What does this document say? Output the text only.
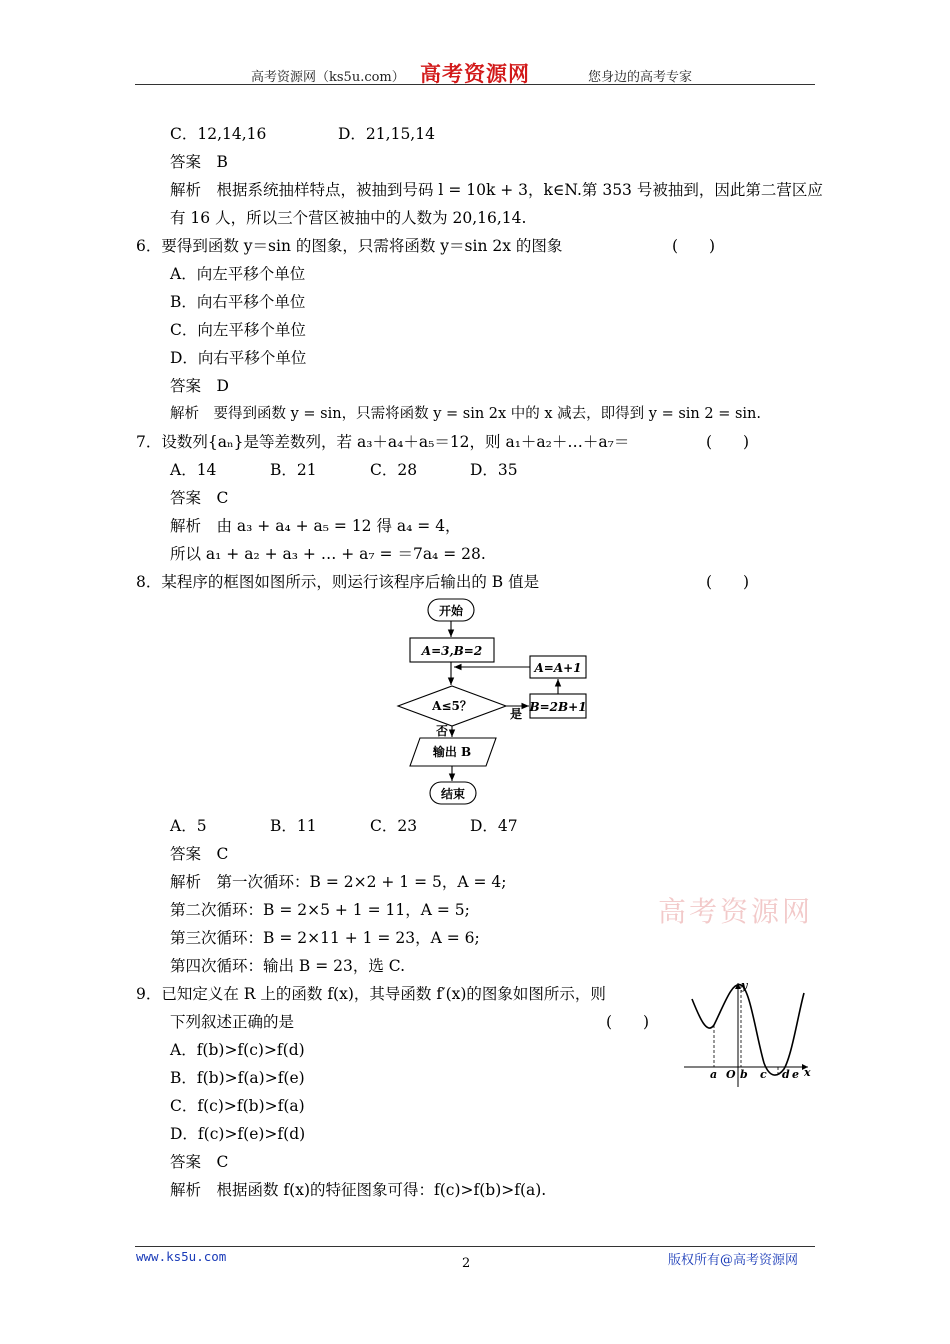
高考资源网（ks5u.com） 高考资源网	您身边的高考专家
C．12,14,16	D．21,15,14
答案　B
解析　根据系统抽样特点，被抽到号码 l = 10k + 3，k∈N.第 353 号被抽到，因此第二营区应
有 16 人，所以三个营区被抽中的人数为 20,16,14.
6．要得到函数 y＝sin 的图象，只需将函数 y＝sin 2x 的图象	(　　)
A．向左平移个单位
B．向右平移个单位
C．向左平移个单位
D．向右平移个单位
答案　D
解析　要得到函数 y = sin，只需将函数 y = sin 2x 中的 x 减去，即得到 y = sin 2 = sin.
7．设数列{aₙ}是等差数列，若 a₃＋a₄＋a₅＝12，则 a₁＋a₂＋…＋a₇＝	(　　)
A．14	B．21	C．28	D．35
答案　C
解析　由 a₃ + a₄ + a₅ = 12 得 a₄ = 4，
所以 a₁ + a₂ + a₃ + … + a₇ = ＝7a₄ = 28.
8．某程序的框图如图所示，则运行该程序后输出的 B 值是	(　　)
开始
A=3,B=2
A≤5？
A=A+1
B=2B+1
是
否
输出 B
结束
A．5	B．11	C．23	D．47
答案　C
解析　第一次循环：B = 2×2 + 1 = 5，A = 4;
第二次循环：B = 2×5 + 1 = 11，A = 5;
第三次循环：B = 2×11 + 1 = 23，A = 6;
第四次循环：输出 B = 23，选 C.
高考资源网
9．已知定义在 R 上的函数 f(x)，其导函数 f′(x)的图象如图所示，则
下列叙述正确的是	(　　)
A．f(b)>f(c)>f(d)
B．f(b)>f(a)>f(e)
C．f(c)>f(b)>f(a)
D．f(c)>f(e)>f(d)
答案　C
解析　根据函数 f(x)的特征图象可得：f(c)>f(b)>f(a).
y
x
a O b c d e
www.ks5u.com	2	版权所有@高考资源网
